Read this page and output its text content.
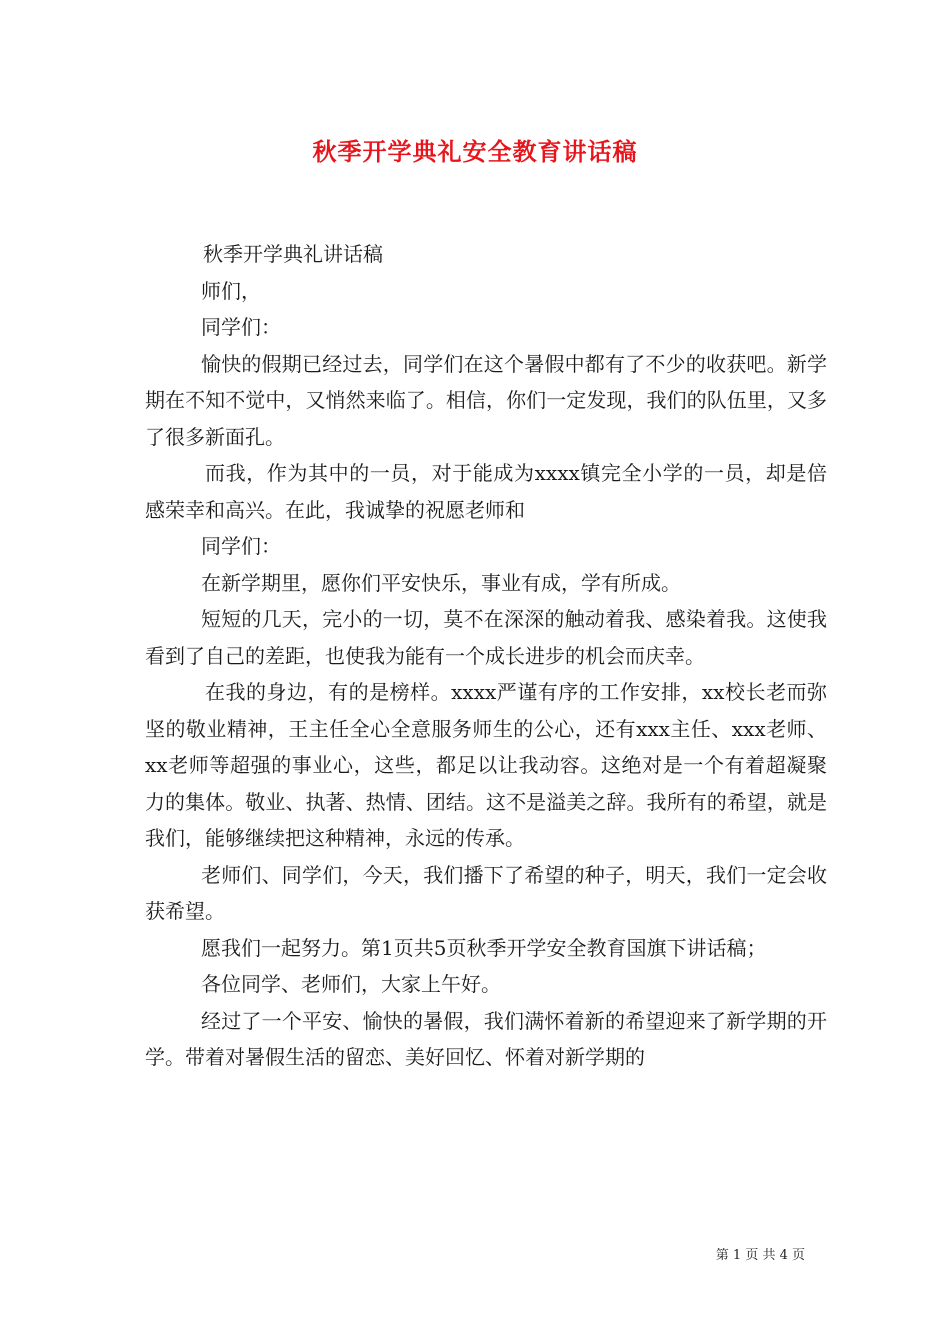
秋季开学典礼安全教育讲话稿

秋季开学典礼讲话稿

师们，

同学们：

愉快的假期已经过去，同学们在这个暑假中都有了不少的收获吧。新学期在不知不觉中，又悄然来临了。相信，你们一定发现，我们的队伍里，又多了很多新面孔。

而我，作为其中的一员，对于能成为xxxx镇完全小学的一员，却是倍感荣幸和高兴。在此，我诚挚的祝愿老师和

同学们：

在新学期里，愿你们平安快乐，事业有成，学有所成。

短短的几天，完小的一切，莫不在深深的触动着我、感染着我。这使我看到了自己的差距，也使我为能有一个成长进步的机会而庆幸。

在我的身边，有的是榜样。xxxx严谨有序的工作安排，xx校长老而弥坚的敬业精神，王主任全心全意服务师生的公心，还有xxx主任、xxx老师、xx老师等超强的事业心，这些，都足以让我动容。这绝对是一个有着超凝聚力的集体。敬业、执著、热情、团结。这不是溢美之辞。我所有的希望，就是我们，能够继续把这种精神，永远的传承。

老师们、同学们，今天，我们播下了希望的种子，明天，我们一定会收获希望。

愿我们一起努力。第1页共5页秋季开学安全教育国旗下讲话稿；

各位同学、老师们，大家上午好。

经过了一个平安、愉快的暑假，我们满怀着新的希望迎来了新学期的开学。带着对暑假生活的留恋、美好回忆、怀着对新学期的

第 1 页 共 4 页
